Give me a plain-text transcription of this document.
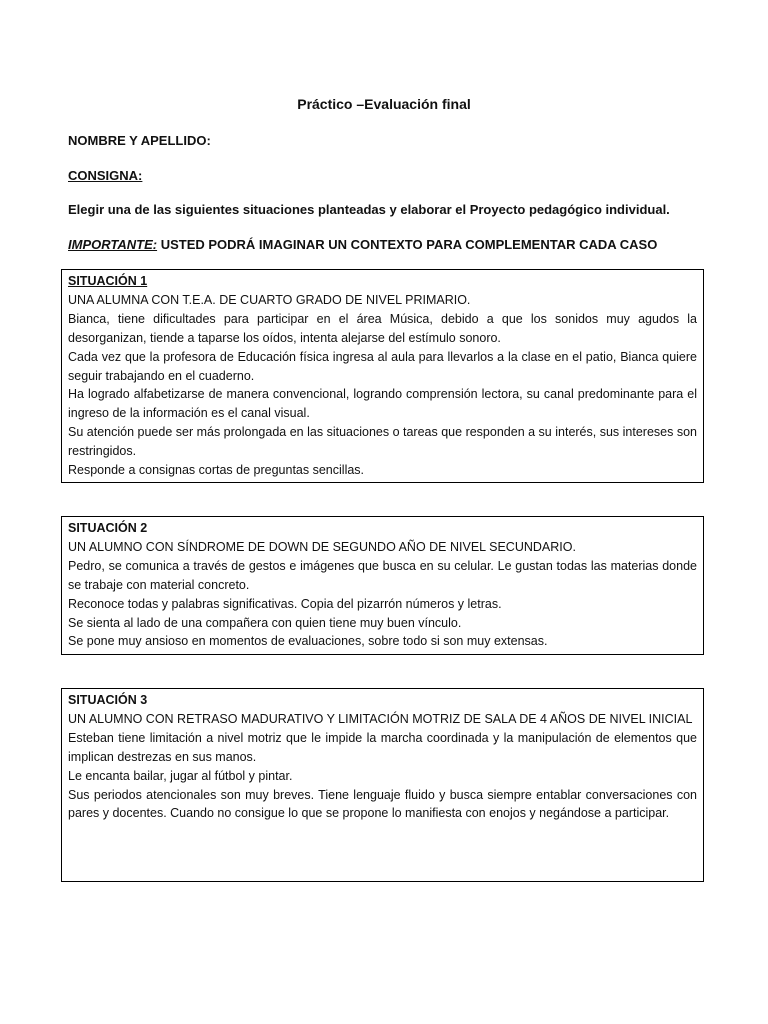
Práctico –Evaluación final
NOMBRE Y APELLIDO:
CONSIGNA:
Elegir una de las siguientes situaciones planteadas y elaborar el Proyecto pedagógico individual.
IMPORTANTE: USTED PODRÁ IMAGINAR UN CONTEXTO PARA COMPLEMENTAR CADA CASO
SITUACIÓN 1
UNA ALUMNA CON T.E.A. DE CUARTO GRADO DE NIVEL PRIMARIO.

Bianca, tiene dificultades para participar en el área Música, debido a que los sonidos muy agudos la desorganizan, tiende a taparse los oídos, intenta alejarse del estímulo sonoro.

Cada vez que la profesora de Educación física ingresa al aula para llevarlos a la clase en el patio, Bianca quiere seguir trabajando en el cuaderno.

Ha logrado alfabetizarse de manera convencional, logrando comprensión lectora, su canal predominante para el ingreso de la información es el canal visual.

Su atención puede ser más prolongada en las situaciones o tareas que responden a su interés, sus intereses son restringidos.

Responde a consignas cortas de preguntas sencillas.

SITUACIÓN 2
UN ALUMNO CON SÍNDROME DE DOWN DE SEGUNDO AÑO DE NIVEL SECUNDARIO.

Pedro, se comunica a través de gestos e imágenes que busca en su celular. Le gustan todas las materias donde se trabaje con material concreto.

Reconoce todas y palabras significativas. Copia del pizarrón números y letras.

Se sienta al lado de una compañera con quien tiene muy buen vínculo.

Se pone muy ansioso en momentos de evaluaciones, sobre todo si son muy extensas.

SITUACIÓN 3
UN ALUMNO CON RETRASO MADURATIVO Y LIMITACIÓN MOTRIZ DE SALA DE 4 AÑOS DE NIVEL INICIAL

Esteban tiene limitación a nivel motriz que le impide la marcha coordinada y la manipulación de elementos que implican destrezas en sus manos.

Le encanta bailar, jugar al fútbol y pintar.

Sus periodos atencionales son muy breves. Tiene lenguaje fluido y busca siempre entablar conversaciones con pares y docentes. Cuando no consigue lo que se propone lo manifiesta con enojos y negándose a participar.
